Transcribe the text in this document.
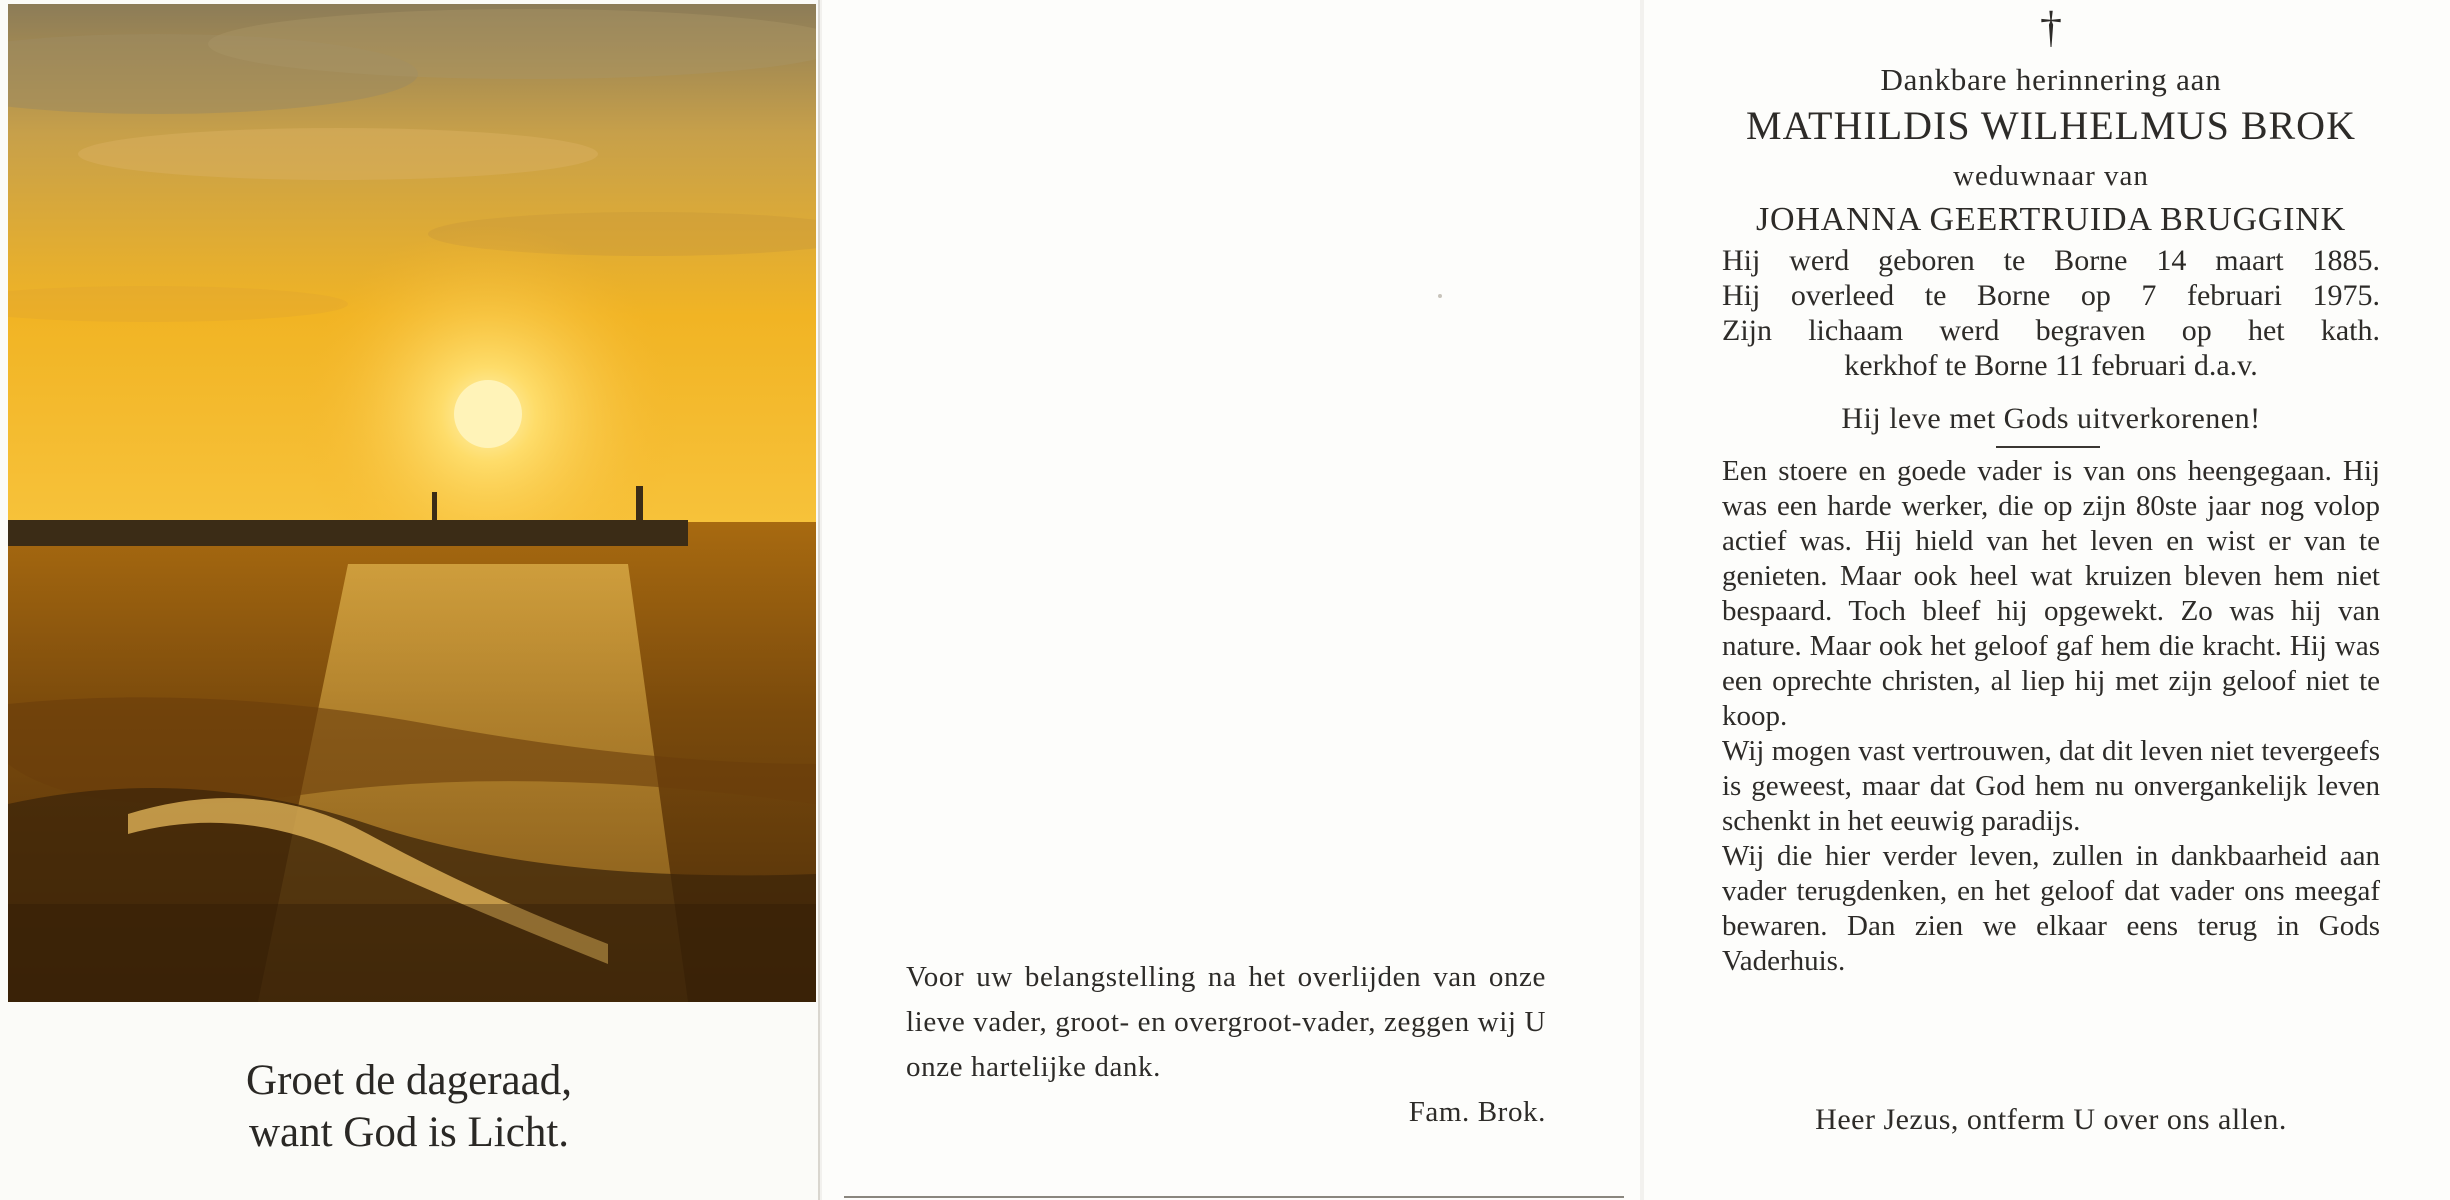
Groet de dageraad,
want God is Licht.
Voor uw belangstelling na het overlijden van onze lieve vader, groot- en overgroot-vader, zeggen wij U onze hartelijke dank.
Fam. Brok.
†
Dankbare herinnering aan
MATHILDIS WILHELMUS BROK
weduwnaar van
JOHANNA GEERTRUIDA BRUGGINK
Hij werd geboren te Borne 14 maart 1885.
Hij overleed te Borne op 7 februari 1975.
Zijn lichaam werd begraven op het kath.
kerkhof te Borne 11 februari d.a.v.
Hij leve met Gods uitverkorenen!

Een stoere en goede vader is van ons heengegaan. Hij was een harde werker, die op zijn 80ste jaar nog volop actief was. Hij hield van het leven en wist er van te genieten. Maar ook heel wat kruizen bleven hem niet bespaard. Toch bleef hij opgewekt. Zo was hij van nature. Maar ook het geloof gaf hem die kracht. Hij was een oprechte christen, al liep hij met zijn geloof niet te koop.

Wij mogen vast vertrouwen, dat dit leven niet tevergeefs is geweest, maar dat God hem nu onvergankelijk leven schenkt in het eeuwig paradijs.

Wij die hier verder leven, zullen in dankbaarheid aan vader terugdenken, en het geloof dat vader ons meegaf bewaren. Dan zien we elkaar eens terug in Gods Vaderhuis.

Heer Jezus, ontferm U over ons allen.
